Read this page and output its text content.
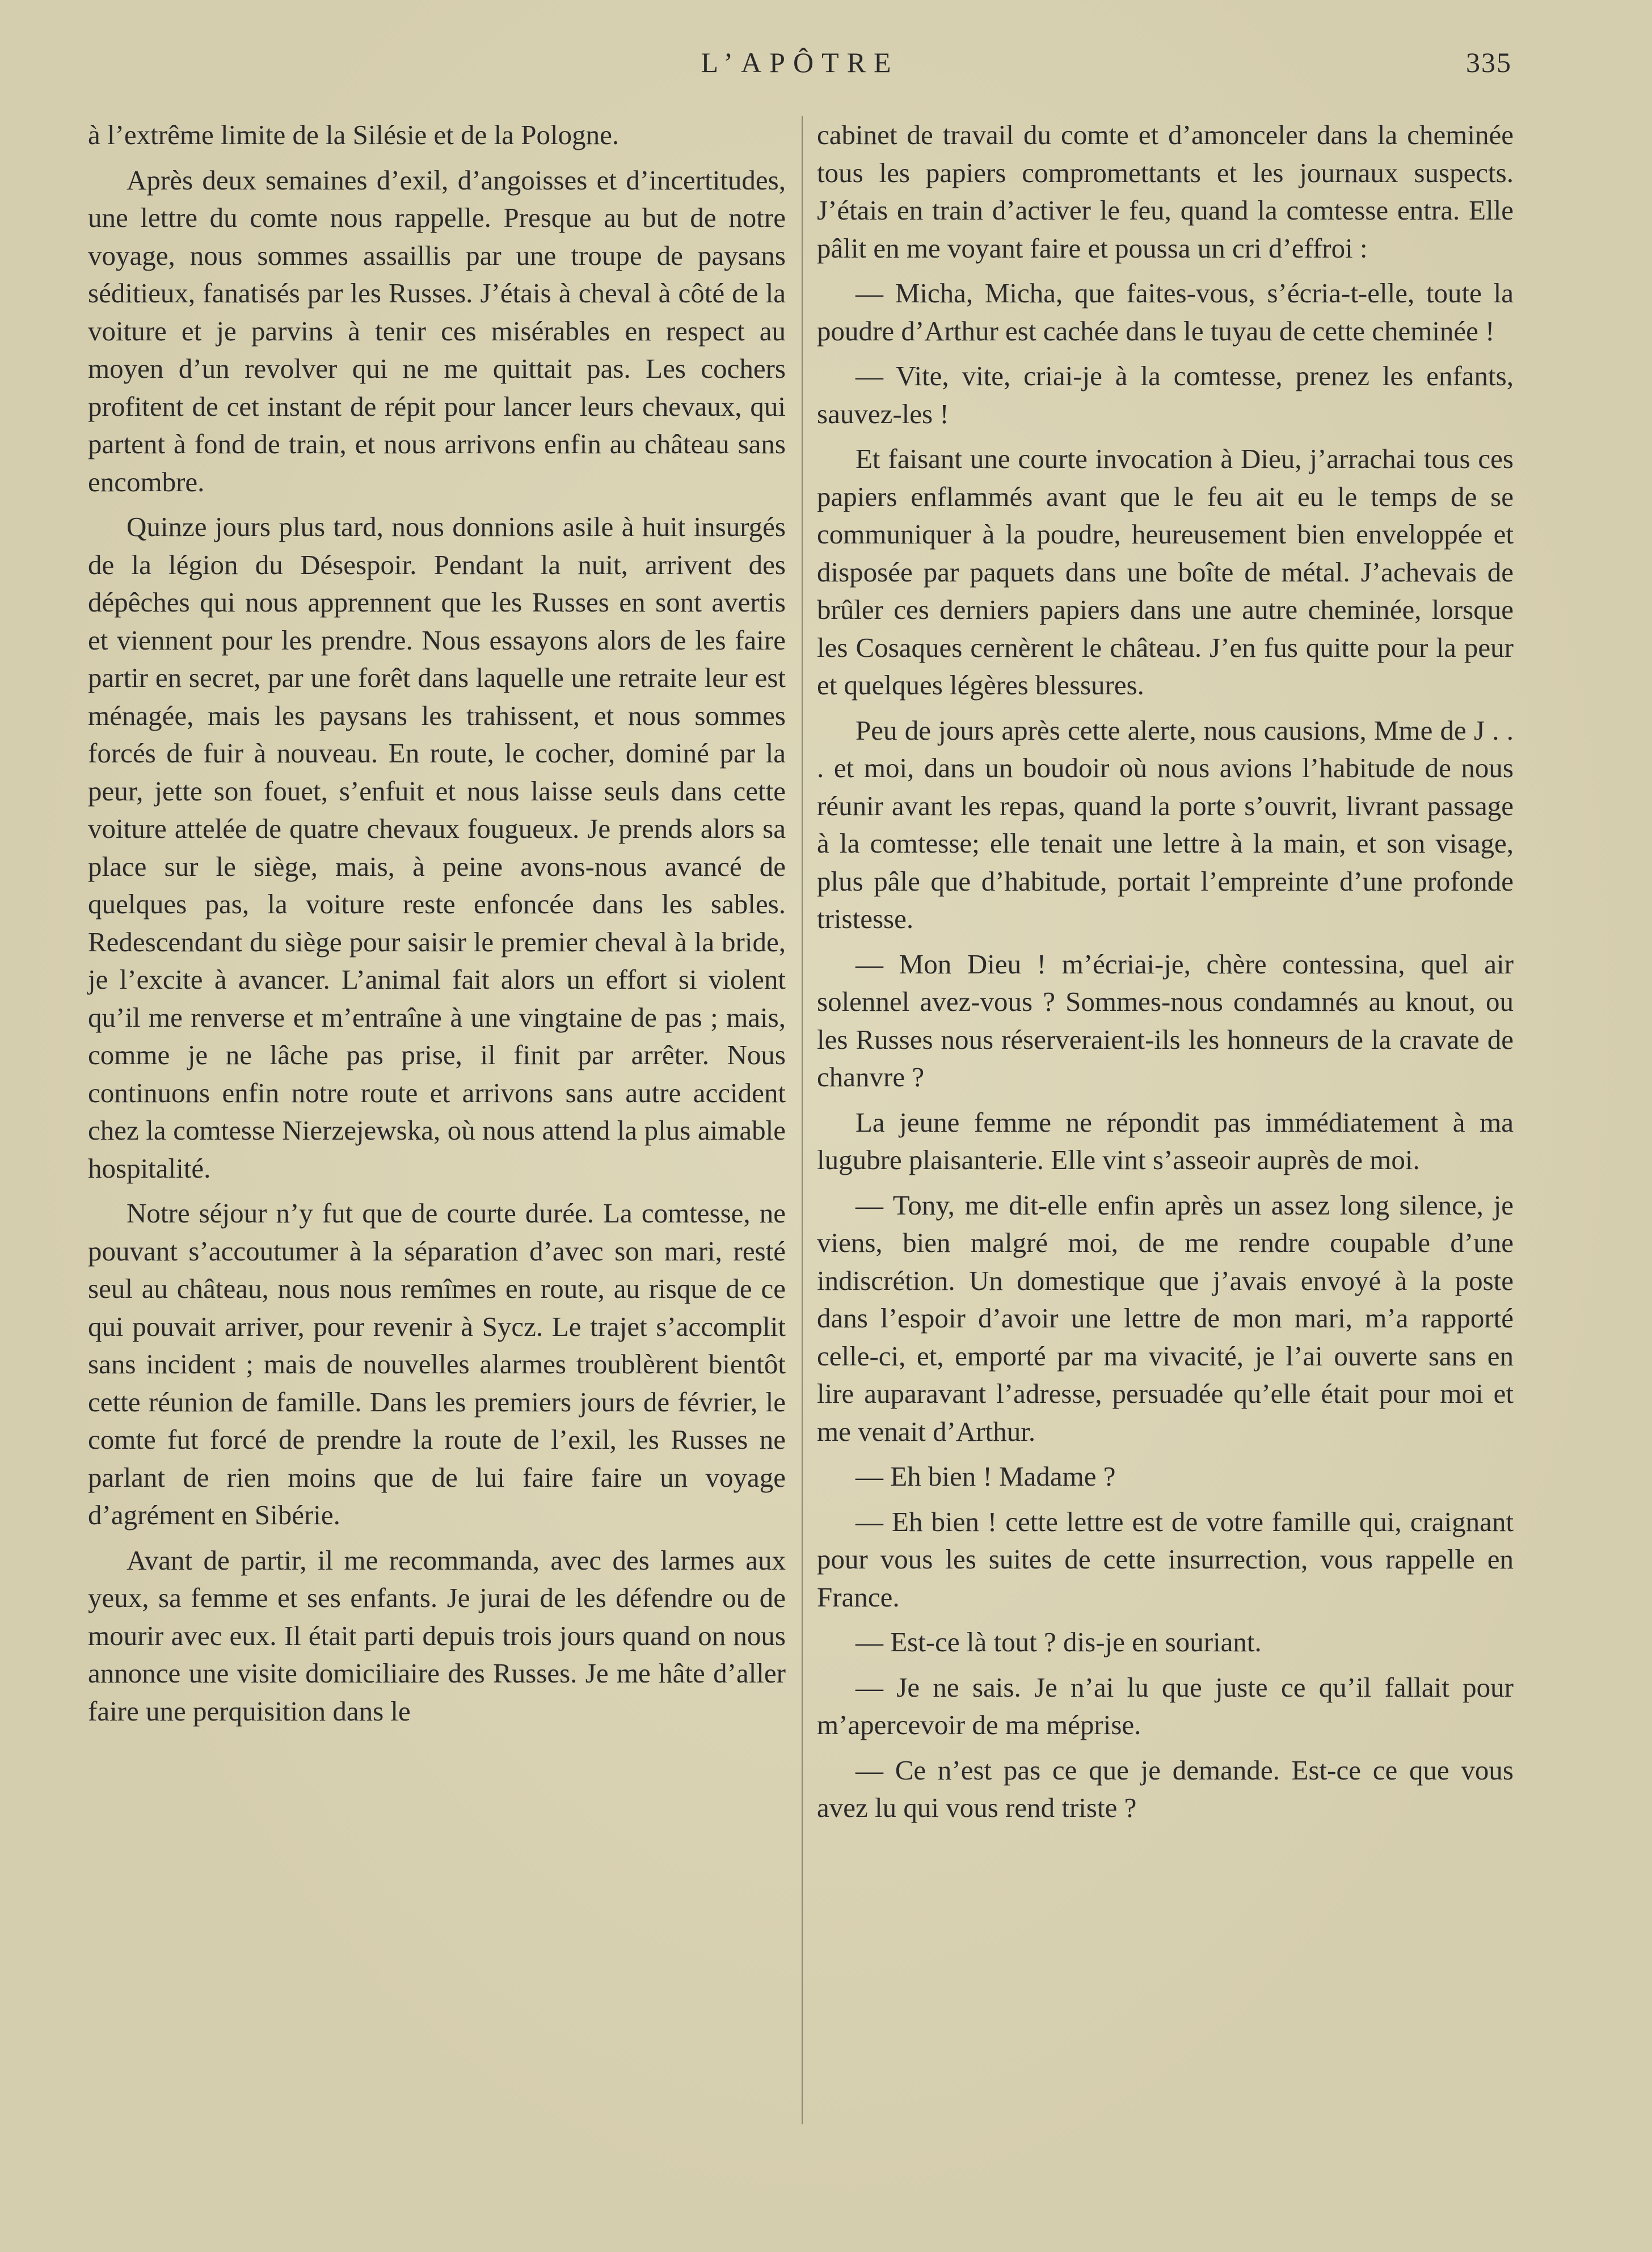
L’APÔTRE	335

à l’extrême limite de la Silésie et de la Pologne.

Après deux semaines d’exil, d’angoisses et d’incertitudes, une lettre du comte nous rappelle. Presque au but de notre voyage, nous sommes assaillis par une troupe de paysans séditieux, fanatisés par les Russes. J’étais à cheval à côté de la voiture et je parvins à tenir ces misérables en respect au moyen d’un revolver qui ne me quittait pas. Les cochers profitent de cet instant de répit pour lancer leurs chevaux, qui partent à fond de train, et nous arrivons enfin au château sans encombre.

Quinze jours plus tard, nous donnions asile à huit insurgés de la légion du Désespoir. Pendant la nuit, arrivent des dépêches qui nous apprennent que les Russes en sont avertis et viennent pour les prendre. Nous essayons alors de les faire partir en secret, par une forêt dans laquelle une retraite leur est ménagée, mais les paysans les trahissent, et nous sommes forcés de fuir à nouveau. En route, le cocher, dominé par la peur, jette son fouet, s’enfuit et nous laisse seuls dans cette voiture attelée de quatre chevaux fougueux. Je prends alors sa place sur le siège, mais, à peine avons-nous avancé de quelques pas, la voiture reste enfoncée dans les sables. Redescendant du siège pour saisir le premier cheval à la bride, je l’excite à avancer. L’animal fait alors un effort si violent qu’il me renverse et m’entraîne à une vingtaine de pas ; mais, comme je ne lâche pas prise, il finit par arrêter. Nous continuons enfin notre route et arrivons sans autre accident chez la comtesse Nierzejewska, où nous attend la plus aimable hospitalité.

Notre séjour n’y fut que de courte durée. La comtesse, ne pouvant s’accoutumer à la séparation d’avec son mari, resté seul au château, nous nous remîmes en route, au risque de ce qui pouvait arriver, pour revenir à Sycz. Le trajet s’accomplit sans incident ; mais de nouvelles alarmes troublèrent bientôt cette réunion de famille. Dans les premiers jours de février, le comte fut forcé de prendre la route de l’exil, les Russes ne parlant de rien moins que de lui faire faire un voyage d’agrément en Sibérie.

Avant de partir, il me recommanda, avec des larmes aux yeux, sa femme et ses enfants. Je jurai de les défendre ou de mourir avec eux. Il était parti depuis trois jours quand on nous annonce une visite domiciliaire des Russes. Je me hâte d’aller faire une perquisition dans le

cabinet de travail du comte et d’amonceler dans la cheminée tous les papiers compromettants et les journaux suspects. J’étais en train d’activer le feu, quand la comtesse entra. Elle pâlit en me voyant faire et poussa un cri d’effroi :

— Micha, Micha, que faites-vous, s’écria-t-elle, toute la poudre d’Arthur est cachée dans le tuyau de cette cheminée !

— Vite, vite, criai-je à la comtesse, prenez les enfants, sauvez-les !

Et faisant une courte invocation à Dieu, j’arrachai tous ces papiers enflammés avant que le feu ait eu le temps de se communiquer à la poudre, heureusement bien enveloppée et disposée par paquets dans une boîte de métal. J’achevais de brûler ces derniers papiers dans une autre cheminée, lorsque les Cosaques cernèrent le château. J’en fus quitte pour la peur et quelques légères blessures.

Peu de jours après cette alerte, nous causions, Mme de J . . . et moi, dans un boudoir où nous avions l’habitude de nous réunir avant les repas, quand la porte s’ouvrit, livrant passage à la comtesse; elle tenait une lettre à la main, et son visage, plus pâle que d’habitude, portait l’empreinte d’une profonde tristesse.

— Mon Dieu ! m’écriai-je, chère contessina, quel air solennel avez-vous ? Sommes-nous condamnés au knout, ou les Russes nous réserveraient-ils les honneurs de la cravate de chanvre ?

La jeune femme ne répondit pas immédiatement à ma lugubre plaisanterie. Elle vint s’asseoir auprès de moi.

— Tony, me dit-elle enfin après un assez long silence, je viens, bien malgré moi, de me rendre coupable d’une indiscrétion. Un domestique que j’avais envoyé à la poste dans l’espoir d’avoir une lettre de mon mari, m’a rapporté celle-ci, et, emporté par ma vivacité, je l’ai ouverte sans en lire auparavant l’adresse, persuadée qu’elle était pour moi et me venait d’Arthur.

— Eh bien ! Madame ?

— Eh bien ! cette lettre est de votre famille qui, craignant pour vous les suites de cette insurrection, vous rappelle en France.

— Est-ce là tout ? dis-je en souriant.

— Je ne sais. Je n’ai lu que juste ce qu’il fallait pour m’apercevoir de ma méprise.

— Ce n’est pas ce que je demande. Est-ce ce que vous avez lu qui vous rend triste ?
